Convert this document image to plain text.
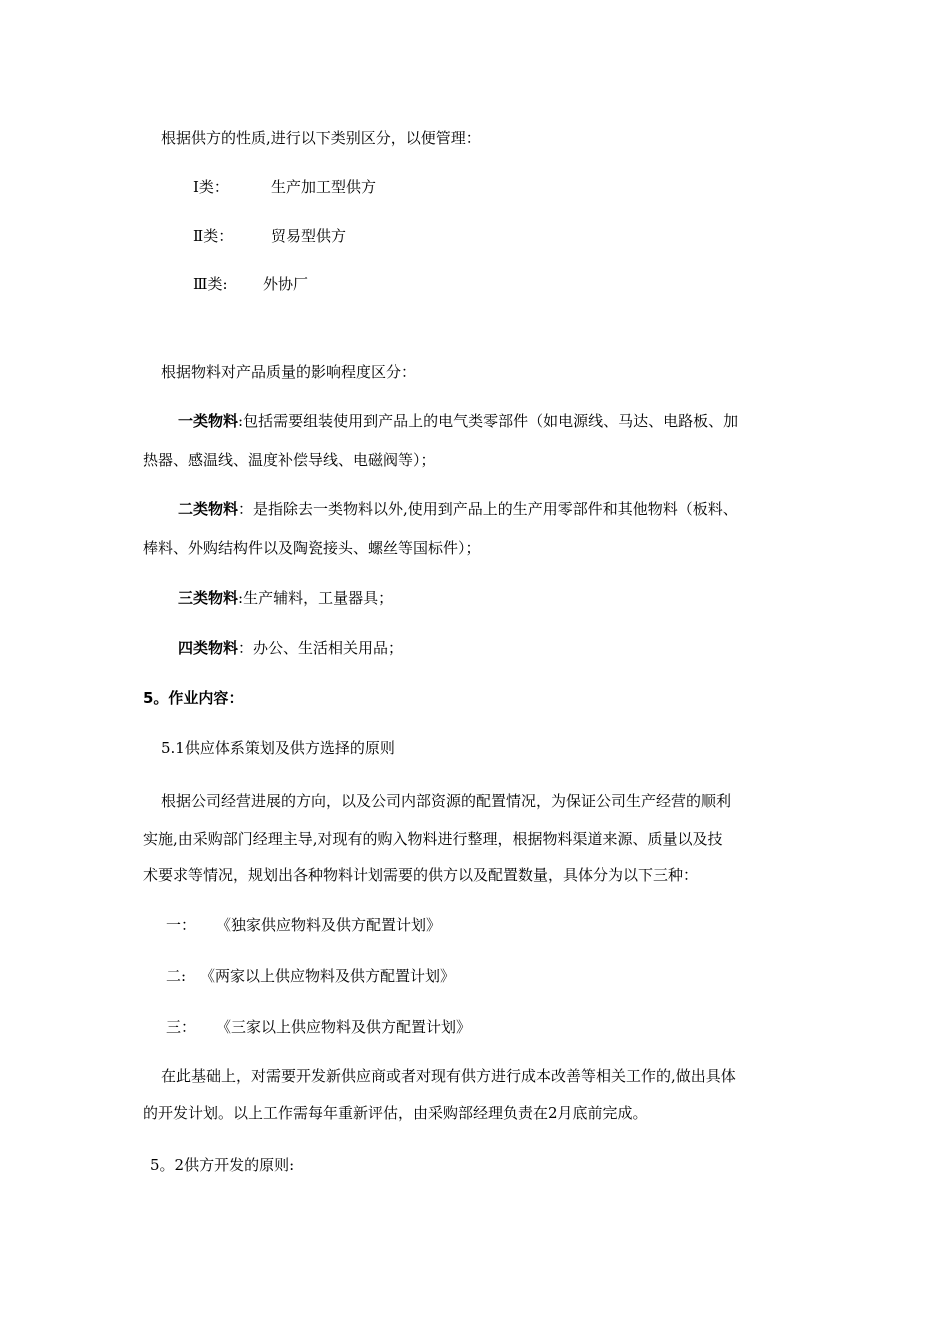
根据供方的性质,进行以下类别区分，以便管理：
Ⅰ类：	生产加工型供方
Ⅱ类：	贸易型供方
Ⅲ类: 外协厂
根据物料对产品质量的影响程度区分：
一类物料:包括需要组装使用到产品上的电气类零部件（如电源线、马达、电路板、加
热器、感温线、温度补偿导线、电磁阀等）；
二类物料：是指除去一类物料以外,使用到产品上的生产用零部件和其他物料（板料、
棒料、外购结构件以及陶瓷接头、螺丝等国标件）；
三类物料:生产辅料，工量器具；
四类物料：办公、生活相关用品；
5。作业内容：
5.1供应体系策划及供方选择的原则
根据公司经营进展的方向，以及公司内部资源的配置情况，为保证公司生产经营的顺利
实施,由采购部门经理主导,对现有的购入物料进行整理，根据物料渠道来源、质量以及技
术要求等情况，规划出各种物料计划需要的供方以及配置数量，具体分为以下三种：
一： 《独家供应物料及供方配置计划》
二: 《两家以上供应物料及供方配置计划》
三： 《三家以上供应物料及供方配置计划》
在此基础上，对需要开发新供应商或者对现有供方进行成本改善等相关工作的,做出具体
的开发计划。以上工作需每年重新评估，由采购部经理负责在2月底前完成。
5。2供方开发的原则:
